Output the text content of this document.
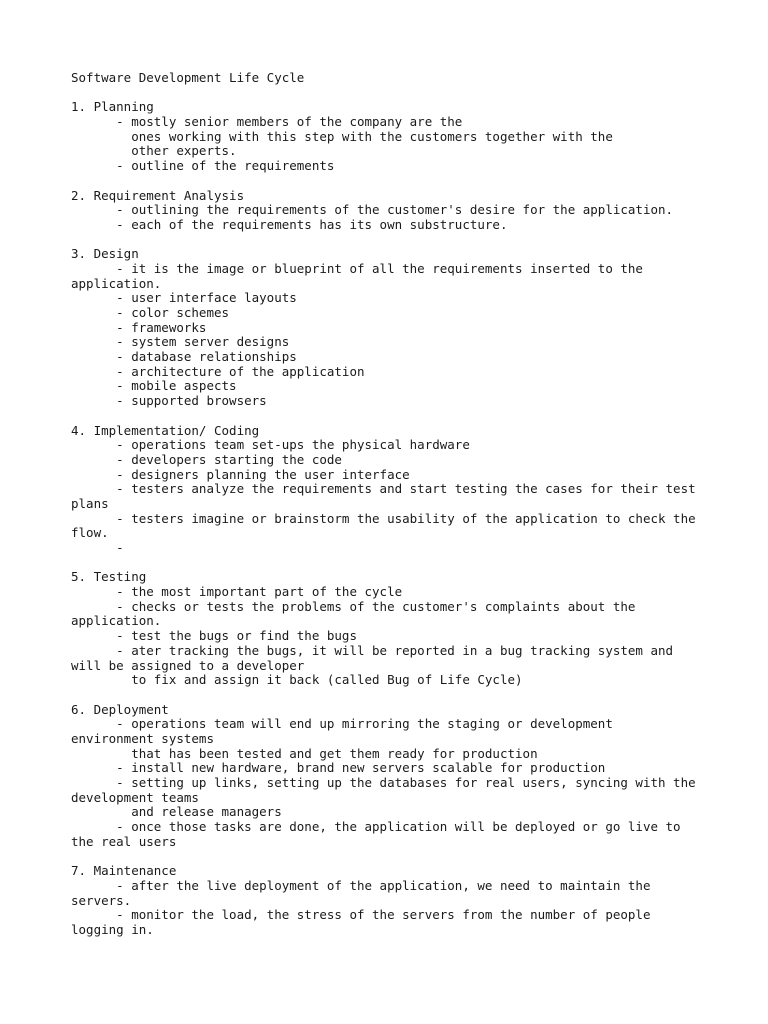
Software Development Life Cycle
1. Planning
- mostly senior members of the company are the
ones working with this step with the customers together with the
other experts.
- outline of the requirements
2. Requirement Analysis
- outlining the requirements of the customer's desire for the application.
- each of the requirements has its own substructure.
3. Design
- it is the image or blueprint of all the requirements inserted to the
application.
- user interface layouts
- color schemes
- frameworks
- system server designs
- database relationships
- architecture of the application
- mobile aspects
- supported browsers
4. Implementation/ Coding
- operations team set-ups the physical hardware
- developers starting the code
- designers planning the user interface
- testers analyze the requirements and start testing the cases for their test
plans
- testers imagine or brainstorm the usability of the application to check the
flow.
-
5. Testing
- the most important part of the cycle
- checks or tests the problems of the customer's complaints about the
application.
- test the bugs or find the bugs
- ater tracking the bugs, it will be reported in a bug tracking system and
will be assigned to a developer
to fix and assign it back (called Bug of Life Cycle)
6. Deployment
- operations team will end up mirroring the staging or development
environment systems
that has been tested and get them ready for production
- install new hardware, brand new servers scalable for production
- setting up links, setting up the databases for real users, syncing with the
development teams
and release managers
- once those tasks are done, the application will be deployed or go live to
the real users
7. Maintenance
- after the live deployment of the application, we need to maintain the
servers.
- monitor the load, the stress of the servers from the number of people
logging in.
